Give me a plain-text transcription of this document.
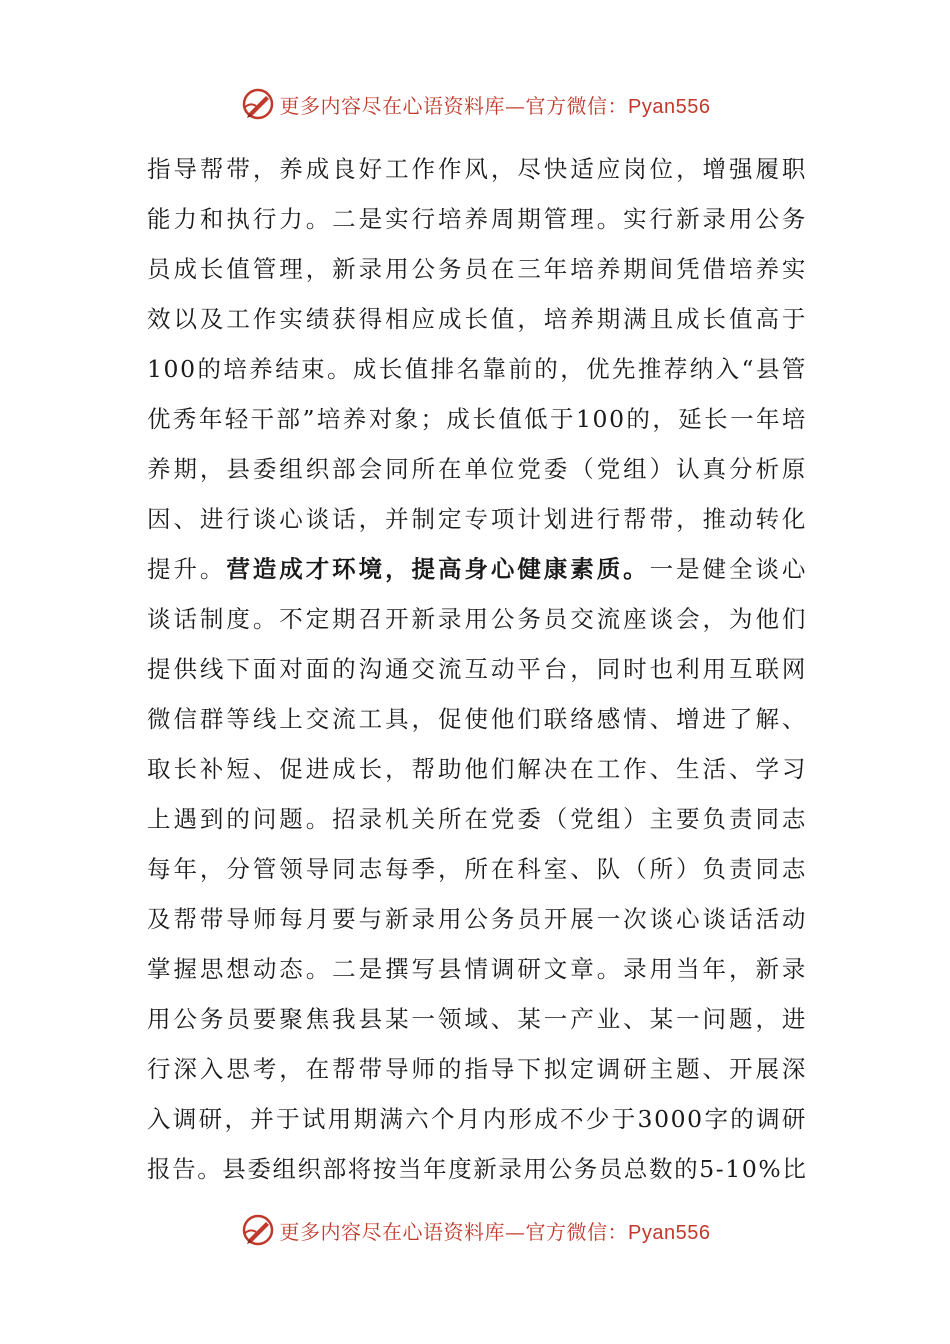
更多内容尽在心语资料库—官方微信：Pyan556
指导帮带，养成良好工作作风，尽快适应岗位，增强履职
能力和执行力。二是实行培养周期管理。实行新录用公务
员成长值管理，新录用公务员在三年培养期间凭借培养实
效以及工作实绩获得相应成长值，培养期满且成长值高于
100的培养结束。成长值排名靠前的，优先推荐纳入“县管
优秀年轻干部”培养对象；成长值低于100的，延长一年培
养期，县委组织部会同所在单位党委（党组）认真分析原
因、进行谈心谈话，并制定专项计划进行帮带，推动转化
提升。营造成才环境，提高身心健康素质。一是健全谈心
谈话制度。不定期召开新录用公务员交流座谈会，为他们
提供线下面对面的沟通交流互动平台，同时也利用互联网
微信群等线上交流工具，促使他们联络感情、增进了解、
取长补短、促进成长，帮助他们解决在工作、生活、学习
上遇到的问题。招录机关所在党委（党组）主要负责同志
每年，分管领导同志每季，所在科室、队（所）负责同志
及帮带导师每月要与新录用公务员开展一次谈心谈话活动
掌握思想动态。二是撰写县情调研文章。录用当年，新录
用公务员要聚焦我县某一领域、某一产业、某一问题，进
行深入思考，在帮带导师的指导下拟定调研主题、开展深
入调研，并于试用期满六个月内形成不少于3000字的调研
报告。县委组织部将按当年度新录用公务员总数的5-10%比
更多内容尽在心语资料库—官方微信：Pyan556
